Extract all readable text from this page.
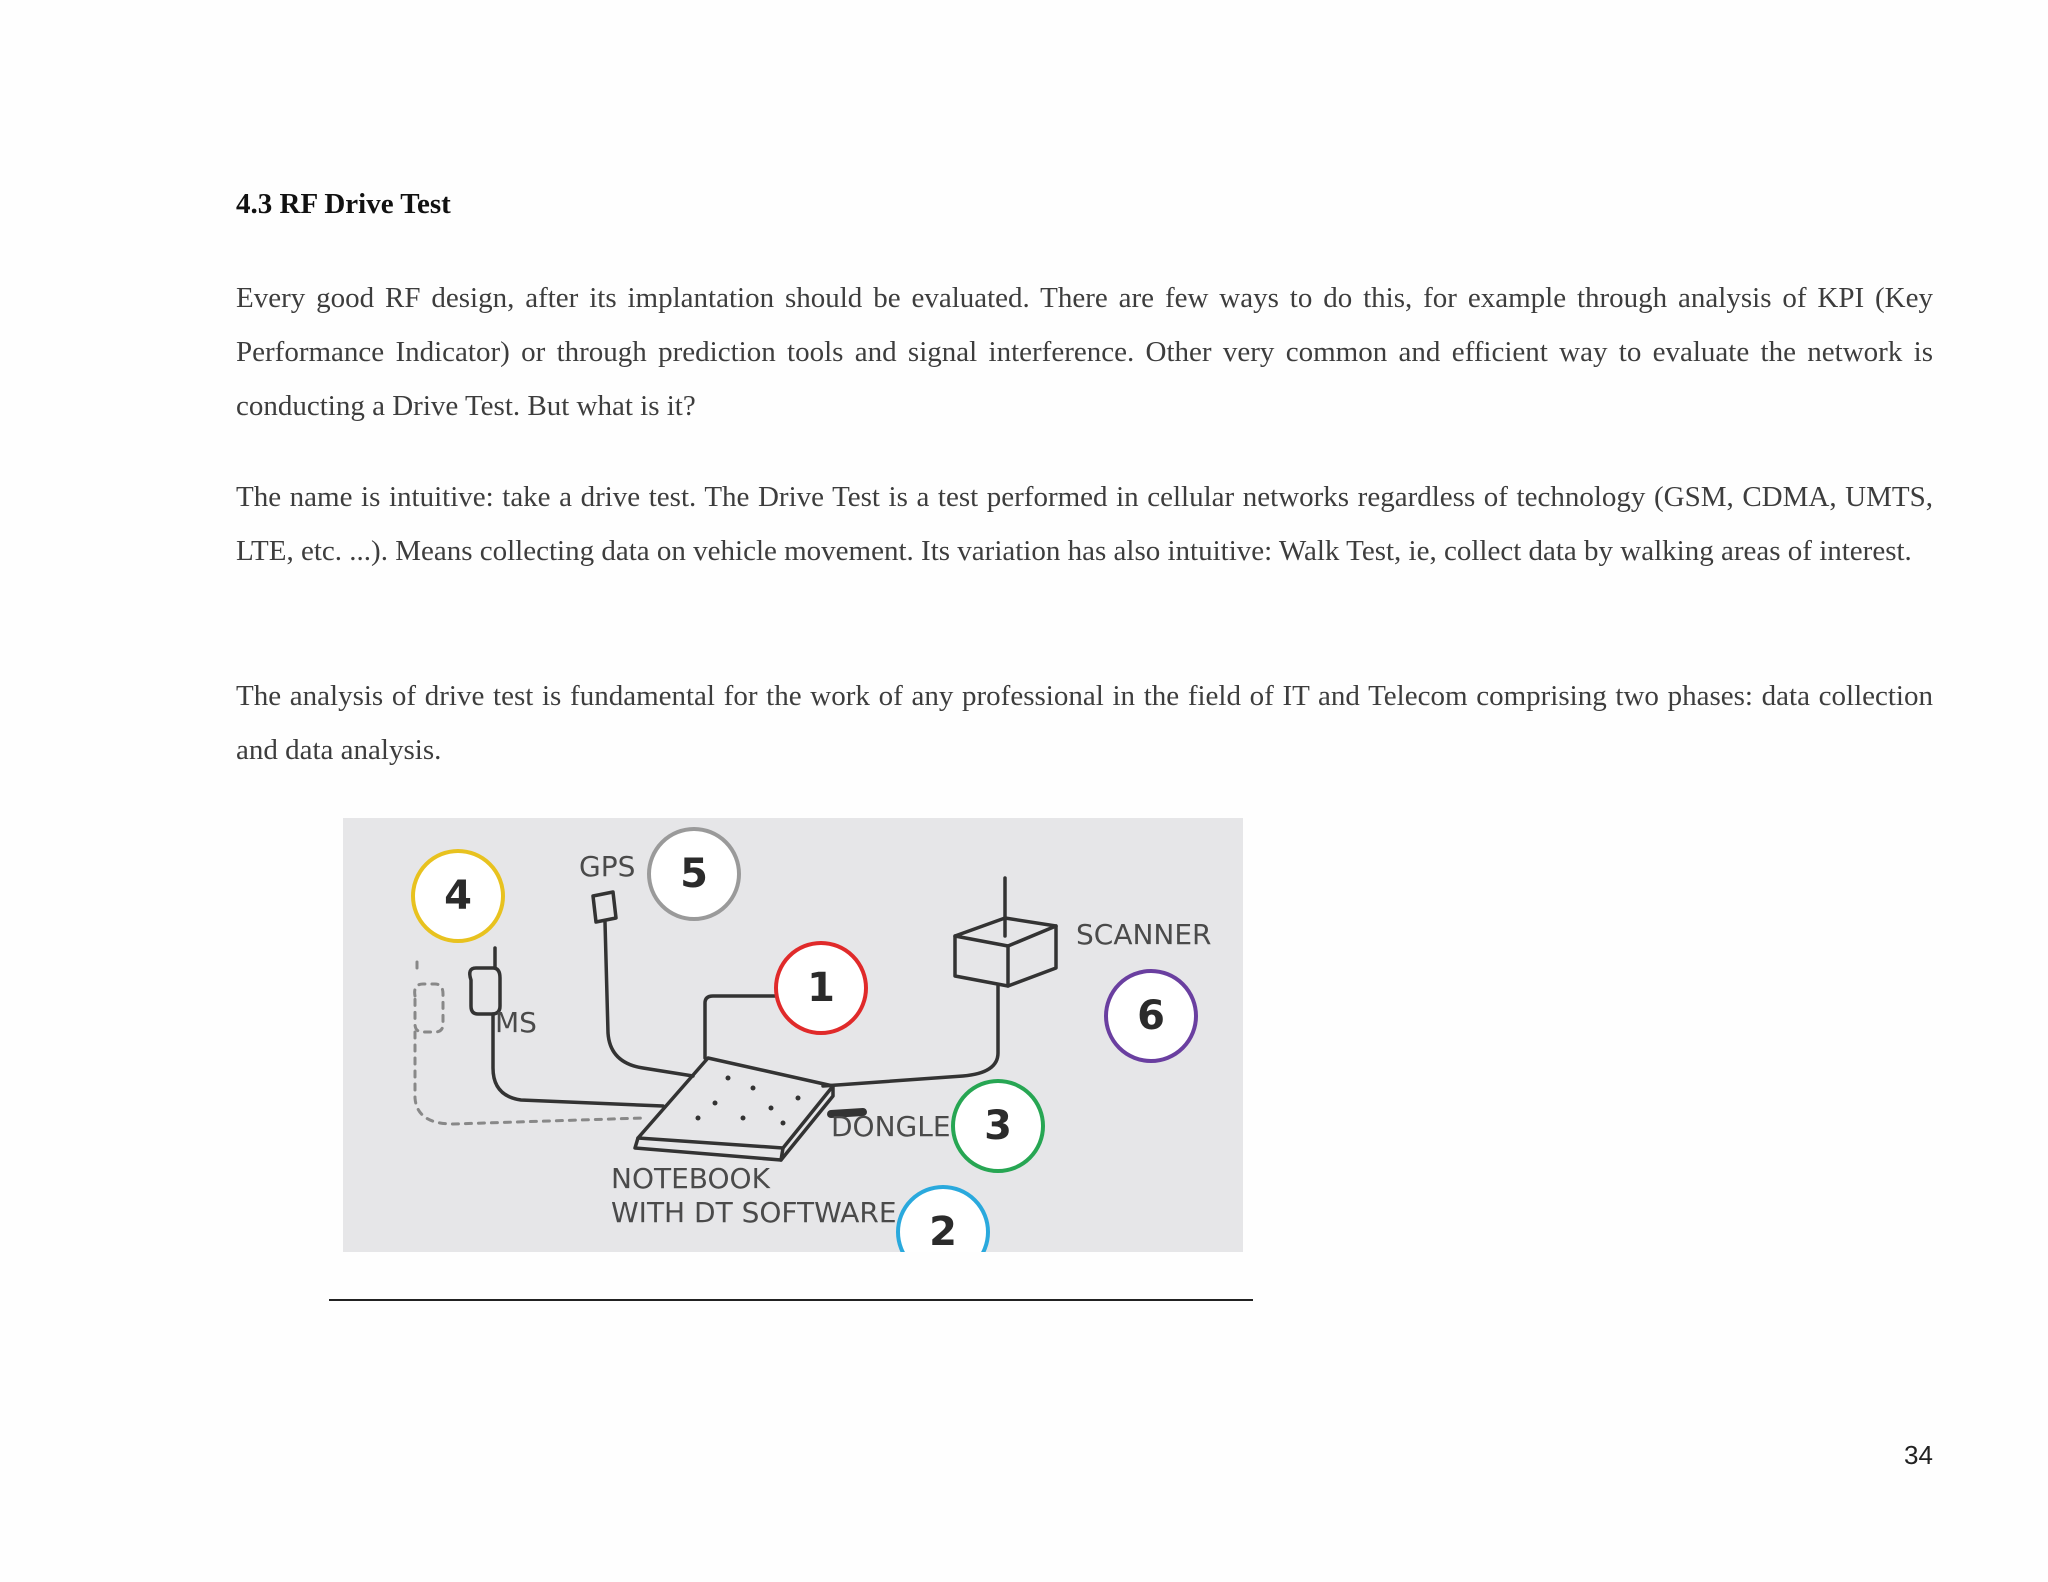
4.3 RF Drive Test

Every good RF design, after its implantation should be evaluated. There are few ways to do this, for example through analysis of KPI (Key Performance Indicator) or through prediction tools and signal interference. Other very common and efficient way to evaluate the network is conducting a Drive Test. But what is it?

The name is intuitive: take a drive test. The Drive Test is a test performed in cellular networks regardless of technology (GSM, CDMA, UMTS, LTE, etc. ...). Means collecting data on vehicle movement. Its variation has also intuitive: Walk Test, ie, collect data by walking areas of interest.

The analysis of drive test is fundamental for the work of any professional in the field of IT and Telecom comprising two phases: data collection and data analysis.

GPS
MS
SCANNER
DONGLE
NOTEBOOK
WITH DT SOFTWARE
1
2
3
4	5
6
34
